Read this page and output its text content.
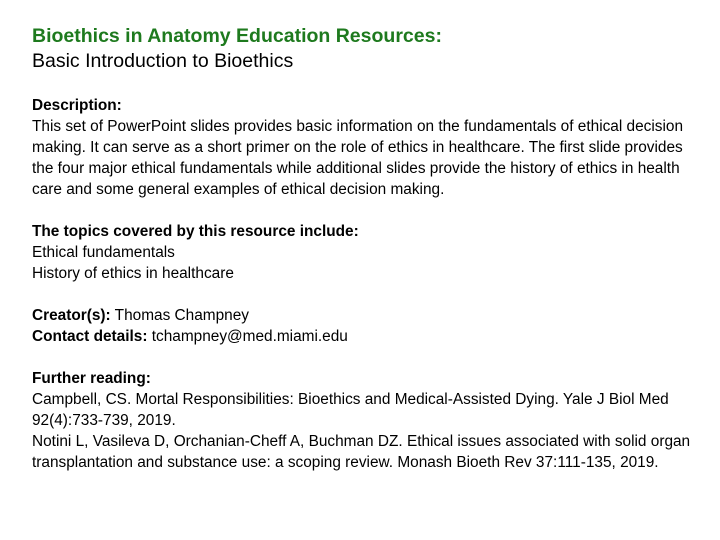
Bioethics in Anatomy Education Resources:
Basic Introduction to Bioethics
Description:

This set of PowerPoint slides provides basic information on the fundamentals of ethical decision making. It can serve as a short primer on the role of ethics in healthcare. The first slide provides the four major ethical fundamentals while additional slides provide the history of ethics in health care and some general examples of ethical decision making.

The topics covered by this resource include:
Ethical fundamentals
History of ethics in healthcare
Creator(s): Thomas Champney
Contact details: tchampney@med.miami.edu
Further reading:

Campbell, CS. Mortal Responsibilities: Bioethics and Medical-Assisted Dying. Yale J Biol Med 92(4):733-739, 2019.

Notini L, Vasileva D, Orchanian-Cheff A, Buchman DZ. Ethical issues associated with solid organ transplantation and substance use: a scoping review. Monash Bioeth Rev 37:111-135, 2019.
